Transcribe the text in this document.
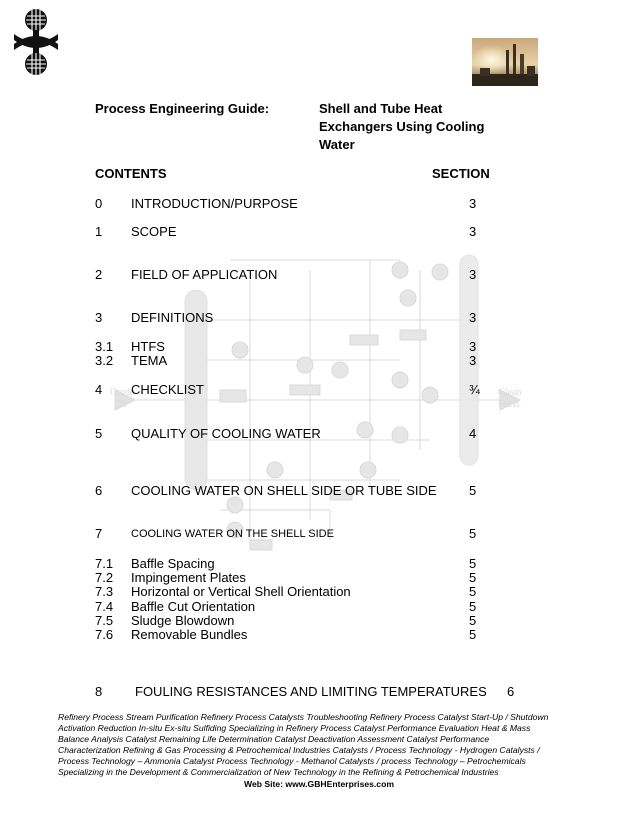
Crude
Oil
Clean
Fuels
Process Engineering Guide:	Shell and Tube Heat
Exchangers Using Cooling
Water
CONTENTS	SECTION
0 INTRODUCTION/PURPOSE	3
1 SCOPE	3
2 FIELD OF APPLICATION	3
3 DEFINITIONS	3
3.1 HTFS	3
3.2 TEMA	3
4 CHECKLIST	¾
5 QUALITY OF COOLING WATER	4
6 COOLING WATER ON SHELL SIDE OR TUBE SIDE 5
7	COOLING WATER ON THE SHELL SIDE	5
7.1 Baffle Spacing	5
7.2 Impingement Plates	5
7.3 Horizontal or Vertical Shell Orientation	5
7.4 Baffle Cut Orientation	5
7.5 Sludge Blowdown	5
7.6 Removable Bundles	5
8	FOULING RESISTANCES AND LIMITING TEMPERATURES 6
Refinery Process Stream Purification Refinery Process Catalysts Troubleshooting Refinery Process Catalyst Start-Up / Shutdown
Activation Reduction In-situ Ex-situ Sulfiding Specializing in Refinery Process Catalyst Performance Evaluation Heat & Mass
Balance Analysis Catalyst Remaining Life Determination Catalyst Deactivation Assessment Catalyst Performance
Characterization Refining & Gas Processing & Petrochemical Industries Catalysts / Process Technology - Hydrogen Catalysts /
Process Technology – Ammonia Catalyst Process Technology - Methanol Catalysts / process Technology – Petrochemicals
Specializing in the Development & Commercialization of New Technology in the Refining & Petrochemical Industries
Web Site: www.GBHEnterprises.com
